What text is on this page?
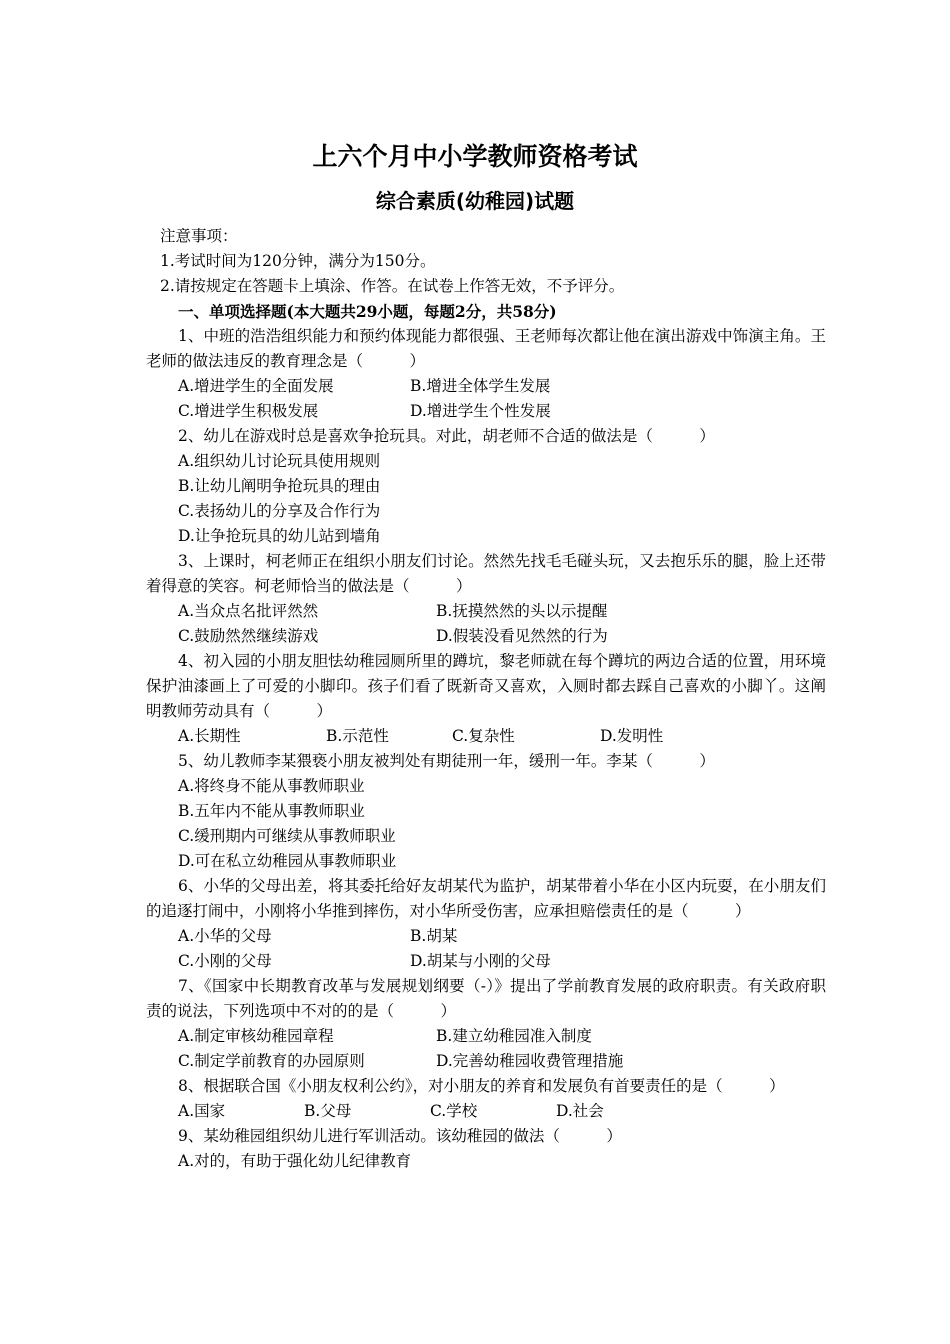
上六个月中小学教师资格考试
综合素质(幼稚园)试题
注意事项：
1.考试时间为120分钟，满分为150分。
2.请按规定在答题卡上填涂、作答。在试卷上作答无效，不予评分。
一、单项选择题(本大题共29小题，每题2分，共58分)
1、中班的浩浩组织能力和预约体现能力都很强、王老师每次都让他在演出游戏中饰演主角。王老师的做法违反的教育理念是（　　　）
A.增进学生的全面发展	B.增进全体学生发展
C.增进学生积极发展	D.增进学生个性发展
2、幼儿在游戏时总是喜欢争抢玩具。对此，胡老师不合适的做法是（　　　）
A.组织幼儿讨论玩具使用规则
B.让幼儿阐明争抢玩具的理由
C.表扬幼儿的分享及合作行为
D.让争抢玩具的幼儿站到墙角
3、上课时，柯老师正在组织小朋友们讨论。然然先找毛毛碰头玩，又去抱乐乐的腿，脸上还带着得意的笑容。柯老师恰当的做法是（　　　）
A.当众点名批评然然	B.抚摸然然的头以示提醒
C.鼓励然然继续游戏	D.假装没看见然然的行为
4、初入园的小朋友胆怯幼稚园厕所里的蹲坑，黎老师就在每个蹲坑的两边合适的位置，用环境保护油漆画上了可爱的小脚印。孩子们看了既新奇又喜欢，入厕时都去踩自己喜欢的小脚丫。这阐明教师劳动具有（　　　）
A.长期性	B.示范性	C.复杂性	D.发明性
5、幼儿教师李某猥亵小朋友被判处有期徒刑一年，缓刑一年。李某（　　　）
A.将终身不能从事教师职业
B.五年内不能从事教师职业
C.缓刑期内可继续从事教师职业
D.可在私立幼稚园从事教师职业
6、小华的父母出差，将其委托给好友胡某代为监护，胡某带着小华在小区内玩耍，在小朋友们的追逐打闹中，小刚将小华推到摔伤，对小华所受伤害，应承担赔偿责任的是（　　　）
A.小华的父母	B.胡某
C.小刚的父母	D.胡某与小刚的父母
7、《国家中长期教育改革与发展规划纲要（-）》提出了学前教育发展的政府职责。有关政府职责的说法，下列选项中不对的的是（　　　）
A.制定审核幼稚园章程	B.建立幼稚园准入制度
C.制定学前教育的办园原则	D.完善幼稚园收费管理措施
8、根据联合国《小朋友权利公约》，对小朋友的养育和发展负有首要责任的是（　　　）
A.国家	B.父母	C.学校	D.社会
9、某幼稚园组织幼儿进行军训活动。该幼稚园的做法（　　　）
A.对的，有助于强化幼儿纪律教育
